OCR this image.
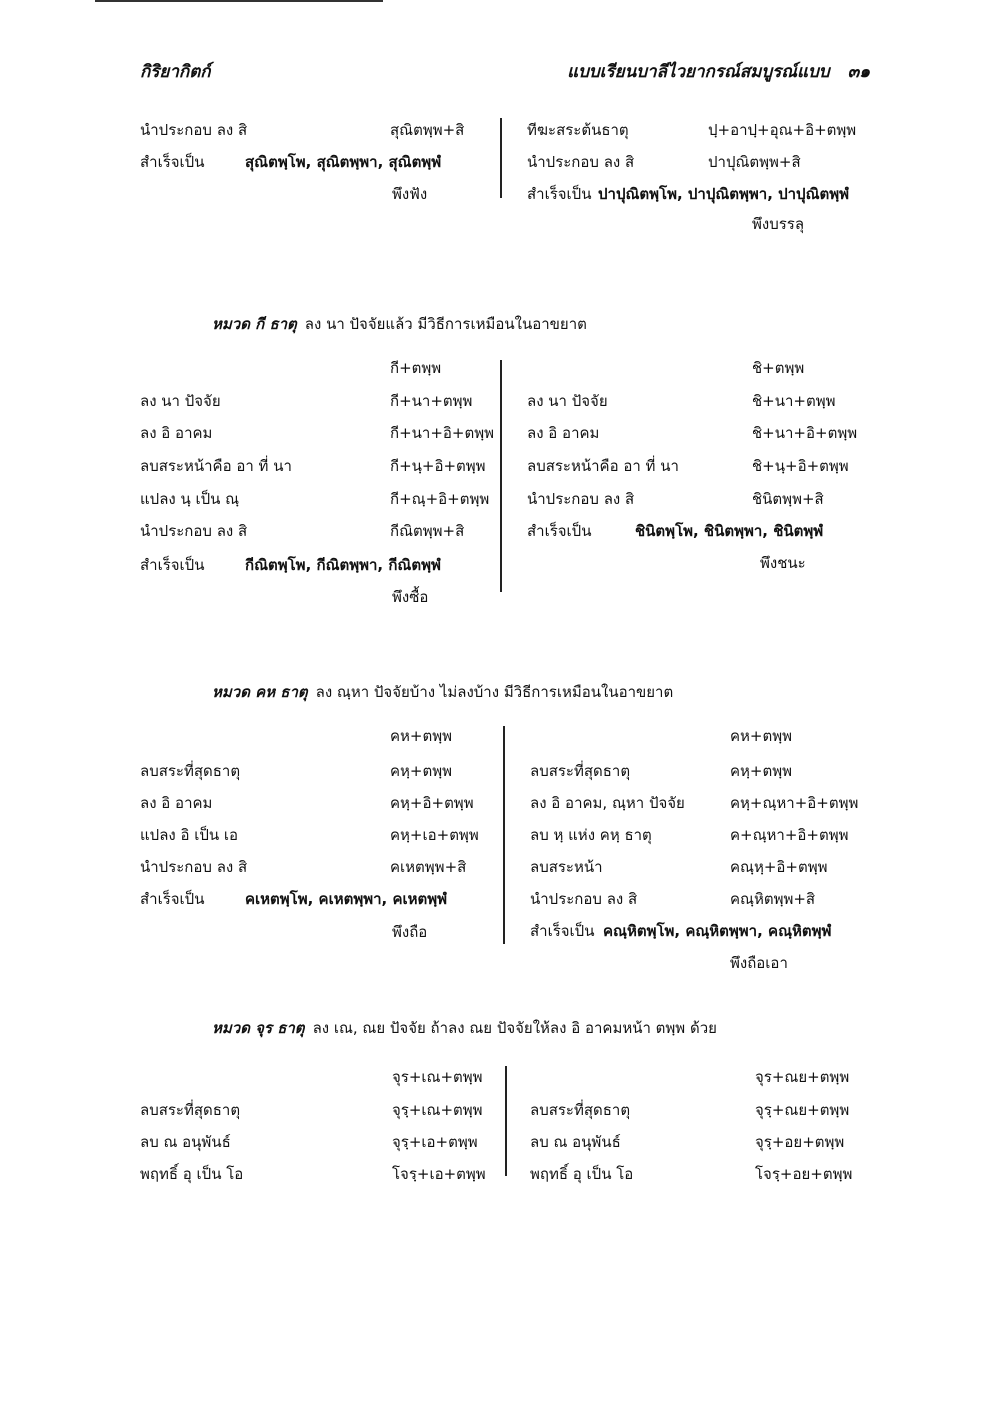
กิริยากิตก์	แบบเรียนบาลีไวยากรณ์สมบูรณ์แบบ ๓๑
นำประกอบ ลง สิ	สุณิตพฺพ+สิ
สำเร็จเป็น	สุณิตพฺโพ, สุณิตพฺพา, สุณิตพฺพํ
พึงฟัง
ทีฆะสระต้นธาตุ	ปฺ+อาปฺ+อุณ+อิ+ตพฺพ
นำประกอบ ลง สิ	ปาปุณิตพฺพ+สิ
สำเร็จเป็น ปาปุณิตพฺโพ, ปาปุณิตพฺพา, ปาปุณิตพฺพํ
พึงบรรลุ
หมวด กี ธาตุ ลง นา ปัจจัยแล้ว มีวิธีการเหมือนในอาขยาต
กี+ตพฺพ
ลง นา ปัจจัย	กี+นา+ตพฺพ
ลง อิ อาคม	กี+นา+อิ+ตพฺพ
ลบสระหน้าคือ อา ที่ นา	กี+นฺ+อิ+ตพฺพ
แปลง นฺ เป็น ณฺ	กี+ณฺ+อิ+ตพฺพ
นำประกอบ ลง สิ	กีณิตพฺพ+สิ
สำเร็จเป็น	กีณิตพฺโพ, กีณิตพฺพา, กีณิตพฺพํ
พึงซื้อ
ชิ+ตพฺพ
ลง นา ปัจจัย	ชิ+นา+ตพฺพ
ลง อิ อาคม	ชิ+นา+อิ+ตพฺพ
ลบสระหน้าคือ อา ที่ นา	ชิ+นฺ+อิ+ตพฺพ
นำประกอบ ลง สิ	ชินิตพฺพ+สิ
สำเร็จเป็น	ชินิตพฺโพ, ชินิตพฺพา, ชินิตพฺพํ
พึงชนะ
หมวด คห ธาตุ ลง ณฺหา ปัจจัยบ้าง ไม่ลงบ้าง มีวิธีการเหมือนในอาขยาต
คห+ตพฺพ
ลบสระที่สุดธาตุ	คหฺ+ตพฺพ
ลง อิ อาคม	คหฺ+อิ+ตพฺพ
แปลง อิ เป็น เอ	คหฺ+เอ+ตพฺพ
นำประกอบ ลง สิ	คเหตพฺพ+สิ
สำเร็จเป็น	คเหตพฺโพ, คเหตพฺพา, คเหตพฺพํ
พึงถือ
คห+ตพฺพ
ลบสระที่สุดธาตุ	คหฺ+ตพฺพ
ลง อิ อาคม, ณฺหา ปัจจัย	คหฺ+ณฺหา+อิ+ตพฺพ
ลบ หฺ แห่ง คหฺ ธาตุ	ค+ณฺหา+อิ+ตพฺพ
ลบสระหน้า	คณฺหฺ+อิ+ตพฺพ
นำประกอบ ลง สิ	คณฺหิตพฺพ+สิ
สำเร็จเป็น คณฺหิตพฺโพ, คณฺหิตพฺพา, คณฺหิตพฺพํ
พึงถือเอา
หมวด จุร ธาตุ ลง เณ, ณย ปัจจัย ถ้าลง ณย ปัจจัยให้ลง อิ อาคมหน้า ตพฺพ ด้วย
จุร+เณ+ตพฺพ
ลบสระที่สุดธาตุ	จุรฺ+เณ+ตพฺพ
ลบ ณ อนุพันธ์	จุรฺ+เอ+ตพฺพ
พฤทธิ์ อุ เป็น โอ	โจรฺ+เอ+ตพฺพ
จุร+ณย+ตพฺพ
ลบสระที่สุดธาตุ	จุรฺ+ณย+ตพฺพ
ลบ ณ อนุพันธ์	จุรฺ+อย+ตพฺพ
พฤทธิ์ อุ เป็น โอ	โจรฺ+อย+ตพฺพ
